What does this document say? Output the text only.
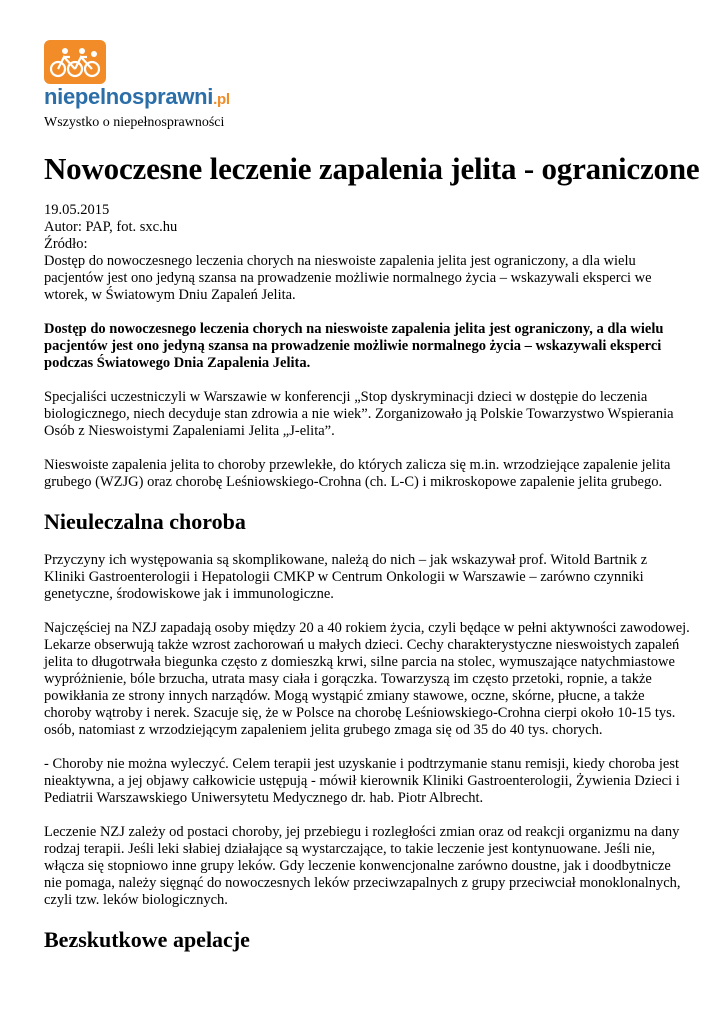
niepelnosprawni.pl
Wszystko o niepełnosprawności
Nowoczesne leczenie zapalenia jelita - ograniczone
19.05.2015
Autor: PAP, fot. sxc.hu
Źródło:

Dostęp do nowoczesnego leczenia chorych na nieswoiste zapalenia jelita jest ograniczony, a dla wielu pacjentów jest ono jedyną szansa na prowadzenie możliwie normalnego życia – wskazywali eksperci we wtorek, w Światowym Dniu Zapaleń Jelita.

Dostęp do nowoczesnego leczenia chorych na nieswoiste zapalenia jelita jest ograniczony, a dla wielu pacjentów jest ono jedyną szansa na prowadzenie możliwie normalnego życia – wskazywali eksperci podczas Światowego Dnia Zapalenia Jelita.

Specjaliści uczestniczyli w Warszawie w konferencji „Stop dyskryminacji dzieci w dostępie do leczenia biologicznego, niech decyduje stan zdrowia a nie wiek”. Zorganizowało ją Polskie Towarzystwo Wspierania Osób z Nieswoistymi Zapaleniami Jelita „J-elita”.

Nieswoiste zapalenia jelita to choroby przewlekłe, do których zalicza się m.in. wrzodziejące zapalenie jelita grubego (WZJG) oraz chorobę Leśniowskiego-Crohna (ch. L-C) i mikroskopowe zapalenie jelita grubego.

Nieuleczalna choroba

Przyczyny ich występowania są skomplikowane, należą do nich – jak wskazywał prof. Witold Bartnik z Kliniki Gastroenterologii i Hepatologii CMKP w Centrum Onkologii w Warszawie – zarówno czynniki genetyczne, środowiskowe jak i immunologiczne.

Najczęściej na NZJ zapadają osoby między 20 a 40 rokiem życia, czyli będące w pełni aktywności zawodowej. Lekarze obserwują także wzrost zachorowań u małych dzieci. Cechy charakterystyczne nieswoistych zapaleń jelita to długotrwała biegunka często z domieszką krwi, silne parcia na stolec, wymuszające natychmiastowe wypróżnienie, bóle brzucha, utrata masy ciała i gorączka. Towarzyszą im często przetoki, ropnie, a także powikłania ze strony innych narządów. Mogą wystąpić zmiany stawowe, oczne, skórne, płucne, a także choroby wątroby i nerek. Szacuje się, że w Polsce na chorobę Leśniowskiego-Crohna cierpi około 10-15 tys. osób, natomiast z wrzodziejącym zapaleniem jelita grubego zmaga się od 35 do 40 tys. chorych.

- Choroby nie można wyleczyć. Celem terapii jest uzyskanie i podtrzymanie stanu remisji, kiedy choroba jest nieaktywna, a jej objawy całkowicie ustępują - mówił kierownik Kliniki Gastroenterologii, Żywienia Dzieci i Pediatrii Warszawskiego Uniwersytetu Medycznego dr. hab. Piotr Albrecht.

Leczenie NZJ zależy od postaci choroby, jej przebiegu i rozległości zmian oraz od reakcji organizmu na dany rodzaj terapii. Jeśli leki słabiej działające są wystarczające, to takie leczenie jest kontynuowane. Jeśli nie, włącza się stopniowo inne grupy leków. Gdy leczenie konwencjonalne zarówno doustne, jak i doodbytnicze nie pomaga, należy sięgnąć do nowoczesnych leków przeciwzapalnych z grupy przeciwciał monoklonalnych, czyli tzw. leków biologicznych.

Bezskutkowe apelacje
